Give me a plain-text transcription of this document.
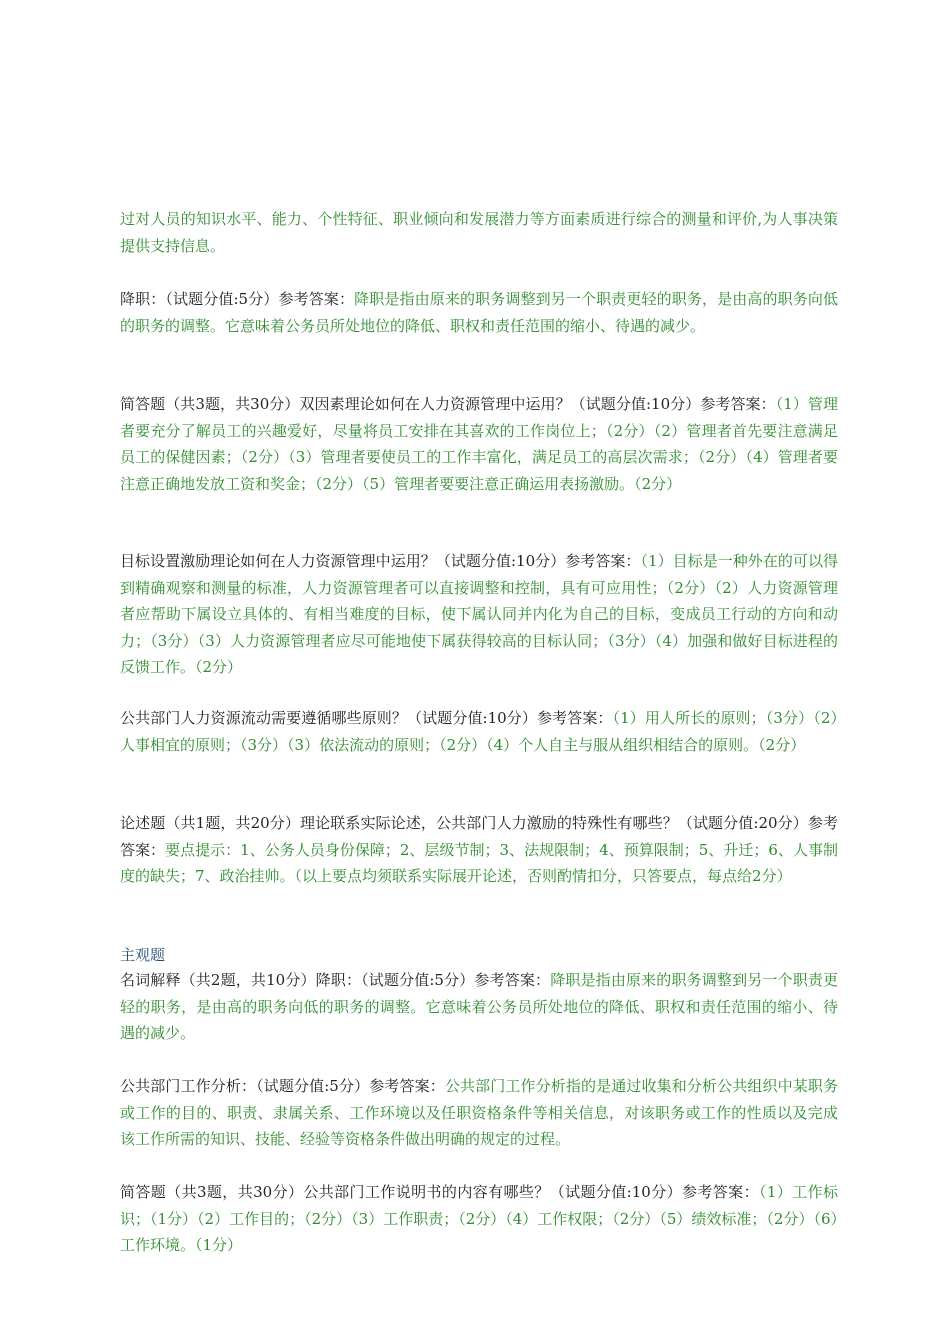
过对人员的知识水平、能力、个性特征、职业倾向和发展潜力等方面素质进行综合的测量和评价,为人事决策提供支持信息。

降职：（试题分值:5分）参考答案：降职是指由原来的职务调整到另一个职责更轻的职务，是由高的职务向低的职务的调整。它意味着公务员所处地位的降低、职权和责任范围的缩小、待遇的减少。

简答题（共3题，共30分）双因素理论如何在人力资源管理中运用？（试题分值:10分）参考答案：（1）管理者要充分了解员工的兴趣爱好，尽量将员工安排在其喜欢的工作岗位上；（2分）（2）管理者首先要注意满足员工的保健因素；（2分）（3）管理者要使员工的工作丰富化，满足员工的高层次需求；（2分）（4）管理者要注意正确地发放工资和奖金；（2分）（5）管理者要要注意正确运用表扬激励。（2分）

目标设置激励理论如何在人力资源管理中运用？（试题分值:10分）参考答案：（1）目标是一种外在的可以得到精确观察和测量的标准，人力资源管理者可以直接调整和控制，具有可应用性；（2分）（2）人力资源管理者应帮助下属设立具体的、有相当难度的目标，使下属认同并内化为自己的目标，变成员工行动的方向和动力；（3分）（3）人力资源管理者应尽可能地使下属获得较高的目标认同；（3分）（4）加强和做好目标进程的反馈工作。（2分）

公共部门人力资源流动需要遵循哪些原则？（试题分值:10分）参考答案：（1）用人所长的原则；（3分）（2）人事相宜的原则；（3分）（3）依法流动的原则；（2分）（4）个人自主与服从组织相结合的原则。（2分）

论述题（共1题，共20分）理论联系实际论述，公共部门人力激励的特殊性有哪些？（试题分值:20分）参考答案：要点提示：1、公务人员身份保障；2、层级节制；3、法规限制；4、预算限制；5、升迁；6、人事制度的缺失；7、政治挂帅。（以上要点均须联系实际展开论述，否则酌情扣分，只答要点，每点给2分）

主观题

名词解释（共2题，共10分）降职：（试题分值:5分）参考答案：降职是指由原来的职务调整到另一个职责更轻的职务，是由高的职务向低的职务的调整。它意味着公务员所处地位的降低、职权和责任范围的缩小、待遇的减少。

公共部门工作分析：（试题分值:5分）参考答案：公共部门工作分析指的是通过收集和分析公共组织中某职务或工作的目的、职责、隶属关系、工作环境以及任职资格条件等相关信息，对该职务或工作的性质以及完成该工作所需的知识、技能、经验等资格条件做出明确的规定的过程。

简答题（共3题，共30分）公共部门工作说明书的内容有哪些？（试题分值:10分）参考答案：（1）工作标识；（1分）（2）工作目的；（2分）（3）工作职责；（2分）（4）工作权限；（2分）（5）绩效标准；（2分）（6）工作环境。（1分）
